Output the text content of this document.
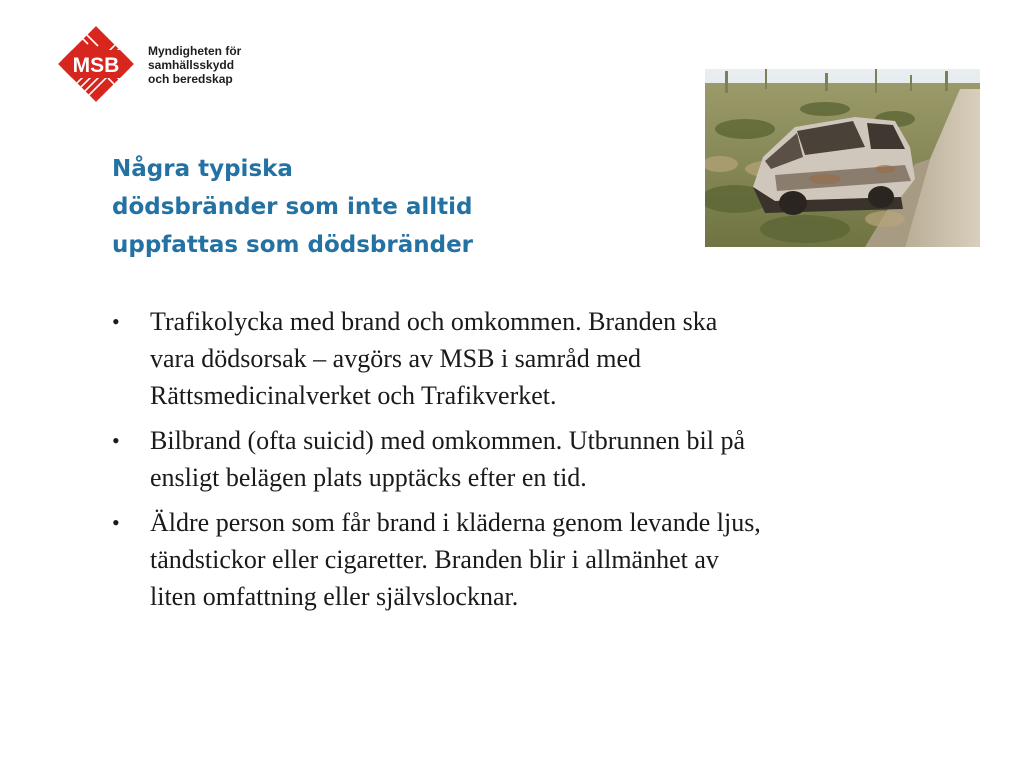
MSB
Myndigheten för
samhällsskydd
och beredskap
Några typiska
dödsbränder som inte alltid
uppfattas som dödsbränder
• Trafikolycka med brand och omkommen. Branden ska
vara dödsorsak – avgörs av MSB i samråd med
Rättsmedicinalverket och Trafikverket.
• Bilbrand (ofta suicid) med omkommen. Utbrunnen bil på
ensligt belägen plats upptäcks efter en tid.
• Äldre person som får brand i kläderna genom levande ljus,
tändstickor eller cigaretter. Branden blir i allmänhet av
liten omfattning eller självslocknar.
